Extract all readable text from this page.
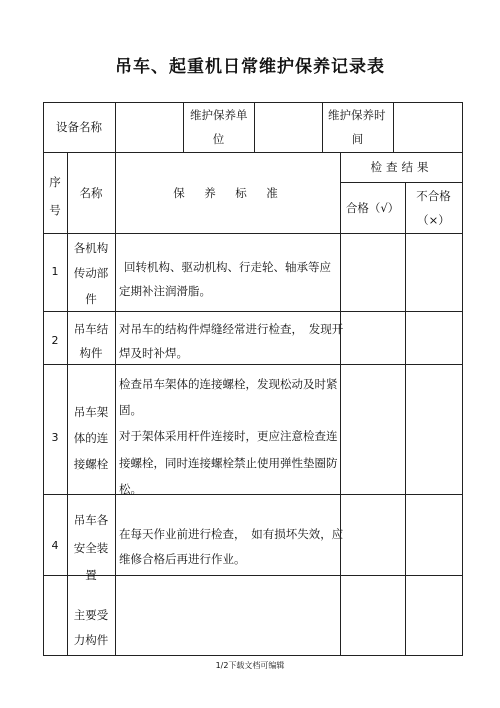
吊车、起重机日常维护保养记录表
设备名称
维护保养单
位
维护保养时
间
序
号
名称	保　养　标　准
检查结果
合格（√）
不合格
（×）
1
各机构
传动部
件
回转机构、驱动机构、行走轮、轴承等应
定期补注润滑脂。
2
吊车结
构件
对吊车的结构件焊缝经常进行检查，　发现开
焊及时补焊。
3
吊车架
体的连
接螺栓
检查吊车架体的连接螺栓，发现松动及时紧
固。
对于架体采用杆件连接时，更应注意检查连
接螺栓，同时连接螺栓禁止使用弹性垫圈防
松。
4
吊车各
安全装
置
在每天作业前进行检查，　如有损坏失效，应
维修合格后再进行作业。
主要受
力构件
1/2下载文档可编辑
